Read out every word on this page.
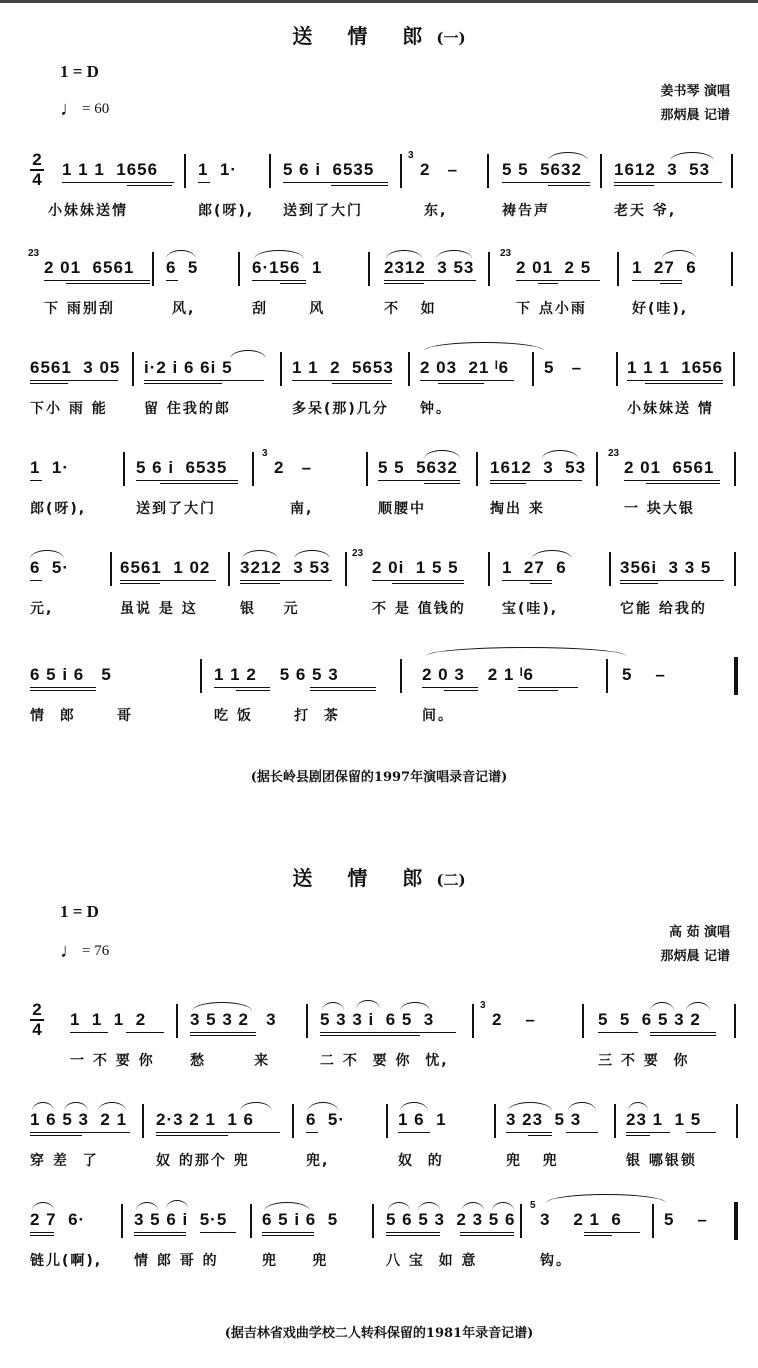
送 情 郎(一)
1 = D
♩ = 60
姜书琴 演唱
那炳晨 记谱
2
4
1 1 1  1656
小妹妹送情
1  1·
郎(呀),
5 6 i  6535
送到了大门
3
2   –
东,
5 5  5632
祷告声
1612  3  53
老天 爷,
23
2 01  6561
下 雨别刮
6  5
风,
6·156  1
刮      风
2312  3 53
不   如
23
2 01  2 5
下 点小雨
1  27  6
好(哇),
6561  3 05
下小 雨 能
i·2 i 6 6i 5
留 住我的郎
1 1  2  5653
多呆(那)几分
2 03  21 ˡ6
钟。
5   –	1 1 1  1656
小妹妹送 情
1  1·
郎(呀),
5 6 i  6535
送到了大门
3
2   –
南,
5 5  5632
顺腰中
1612  3  53
掏出 来
23
2 01  6561
一 块大银
6  5·
元,
6561  1 02
虽说 是 这
3212  3 53
银    元
23
2 0i  1 5 5
不 是 值钱的
1  27  6
宝(哇),
356i  3 3 5
它能 给我的
6 5 i 6   5
情  郎      哥
1 1 2    5 6 5 3
吃 饭      打  茶
2 0 3    2 1 ˡ6
间。
5    –
(据长岭县剧团保留的1997年演唱录音记谱)
送 情 郎(二)
1 = D
♩ = 76
高 茹 演唱
那炳晨 记谱
2
4
1  1  1  2
一 不 要 你
3 5 3 2   3
愁       来
5 3 3 i  6 5  3
二 不  要 你  忧,
3
2    –	5  5  6 5 3 2
三 不 要  你
1 6 5 3  2 1
穿 差  了
2·3 2 1  1 6
奴 的那个 兜
6  5·
兜,
1 6  1
奴  的
3 23  5 3
兜   兜
23 1  1 5
银 哪银锁
2 7  6·
链儿(啊),
3 5 6 i  5·5
情 郎 哥 的
6 5 i 6  5
兜     兜
5 6 5 3  2 3 5 6
八 宝  如 意
5
3    2 1  6
钩。
5    –
(据吉林省戏曲学校二人转科保留的1981年录音记谱)
